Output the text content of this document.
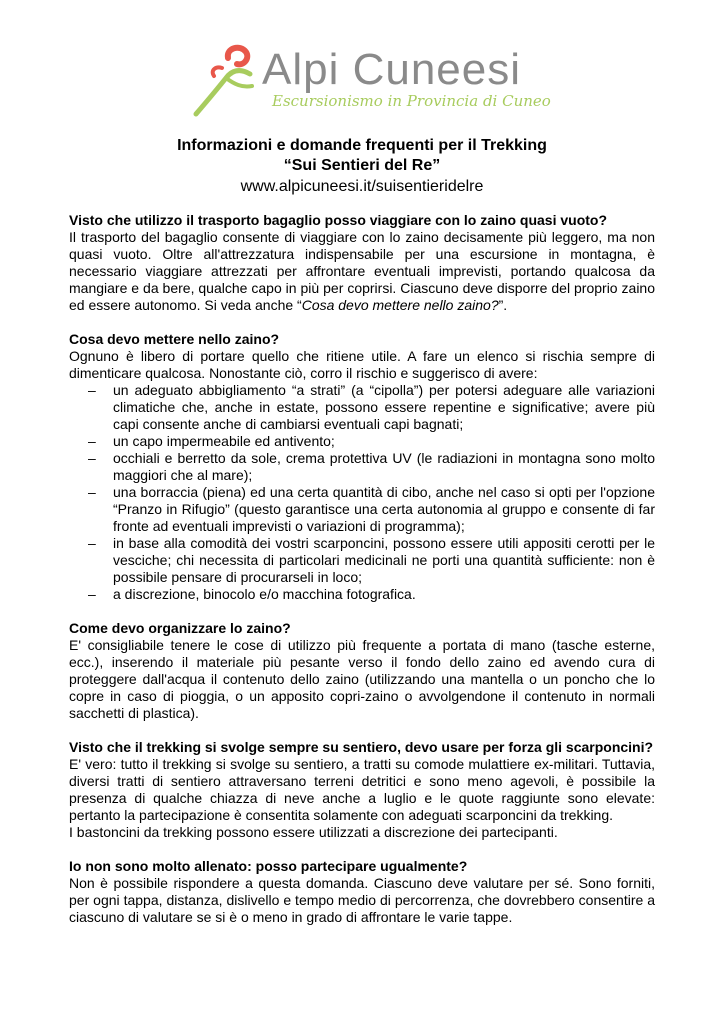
Alpi Cuneesi
Escursionismo in Provincia di Cuneo
Informazioni e domande frequenti per il Trekking
“Sui Sentieri del Re”
www.alpicuneesi.it/suisentieridelre
Visto che utilizzo il trasporto bagaglio posso viaggiare con lo zaino quasi vuoto?
Il trasporto del bagaglio consente di viaggiare con lo zaino decisamente più leggero, ma non quasi vuoto. Oltre all'attrezzatura indispensabile per una escursione in montagna, è necessario viaggiare attrezzati per affrontare eventuali imprevisti, portando qualcosa da mangiare e da bere, qualche capo in più per coprirsi. Ciascuno deve disporre del proprio zaino ed essere autonomo. Si veda anche “Cosa devo mettere nello zaino?”.
Cosa devo mettere nello zaino?
Ognuno è libero di portare quello che ritiene utile. A fare un elenco si rischia sempre di dimenticare qualcosa. Nonostante ciò, corro il rischio e suggerisco di avere:
– un adeguato abbigliamento “a strati” (a “cipolla”) per potersi adeguare alle variazioni climatiche che, anche in estate, possono essere repentine e significative; avere più capi consente anche di cambiarsi eventuali capi bagnati;
– un capo impermeabile ed antivento;
– occhiali e berretto da sole, crema protettiva UV (le radiazioni in montagna sono molto maggiori che al mare);
– una borraccia (piena) ed una certa quantità di cibo, anche nel caso si opti per l'opzione “Pranzo in Rifugio” (questo garantisce una certa autonomia al gruppo e consente di far fronte ad eventuali imprevisti o variazioni di programma);
– in base alla comodità dei vostri scarponcini, possono essere utili appositi cerotti per le vesciche; chi necessita di particolari medicinali ne porti una quantità sufficiente: non è possibile pensare di procurarseli in loco;
– a discrezione, binocolo e/o macchina fotografica.
Come devo organizzare lo zaino?
E' consigliabile tenere le cose di utilizzo più frequente a portata di mano (tasche esterne, ecc.), inserendo il materiale più pesante verso il fondo dello zaino ed avendo cura di proteggere dall'acqua il contenuto dello zaino (utilizzando una mantella o un poncho che lo copre in caso di pioggia, o un apposito copri-zaino o avvolgendone il contenuto in normali sacchetti di plastica).
Visto che il trekking si svolge sempre su sentiero, devo usare per forza gli scarponcini?
E' vero: tutto il trekking si svolge su sentiero, a tratti su comode mulattiere ex-militari. Tuttavia, diversi tratti di sentiero attraversano terreni detritici e sono meno agevoli, è possibile la presenza di qualche chiazza di neve anche a luglio e le quote raggiunte sono elevate: pertanto la partecipazione è consentita solamente con adeguati scarponcini da trekking.
I bastoncini da trekking possono essere utilizzati a discrezione dei partecipanti.
Io non sono molto allenato: posso partecipare ugualmente?
Non è possibile rispondere a questa domanda. Ciascuno deve valutare per sé. Sono forniti, per ogni tappa, distanza, dislivello e tempo medio di percorrenza, che dovrebbero consentire a ciascuno di valutare se si è o meno in grado di affrontare le varie tappe.
